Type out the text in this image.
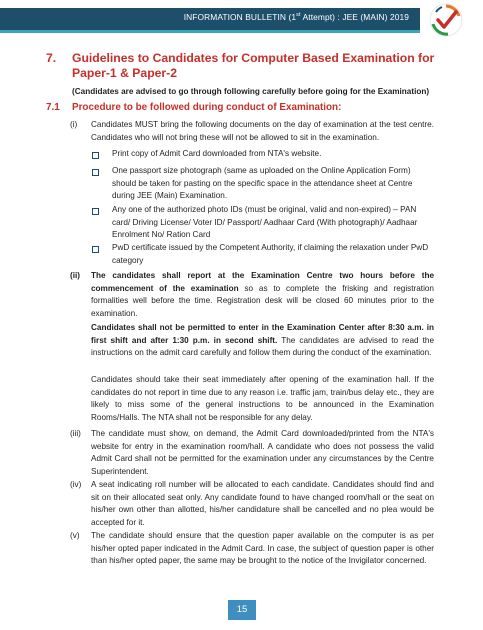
INFORMATION BULLETIN (1st Attempt) : JEE (MAIN) 2019
7. Guidelines to Candidates for Computer Based Examination for Paper-1 & Paper-2
(Candidates are advised to go through following carefully before going for the Examination)
7.1 Procedure to be followed during conduct of Examination:
(i) Candidates MUST bring the following documents on the day of examination at the test centre. Candidates who will not bring these will not be allowed to sit in the examination.
Print copy of Admit Card downloaded from NTA's website.
One passport size photograph (same as uploaded on the Online Application Form) should be taken for pasting on the specific space in the attendance sheet at Centre during JEE (Main) Examination.
Any one of the authorized photo IDs (must be original, valid and non-expired) – PAN card/ Driving License/ Voter ID/ Passport/ Aadhaar Card (With photograph)/ Aadhaar Enrolment No/ Ration Card
PwD certificate issued by the Competent Authority, if claiming the relaxation under PwD category
(ii) The candidates shall report at the Examination Centre two hours before the commencement of the examination so as to complete the frisking and registration formalities well before the time. Registration desk will be closed 60 minutes prior to the examination.
Candidates shall not be permitted to enter in the Examination Center after 8:30 a.m. in first shift and after 1:30 p.m. in second shift. The candidates are advised to read the instructions on the admit card carefully and follow them during the conduct of the examination.
Candidates should take their seat immediately after opening of the examination hall. If the candidates do not report in time due to any reason i.e. traffic jam, train/bus delay etc., they are likely to miss some of the general instructions to be announced in the Examination Rooms/Halls. The NTA shall not be responsible for any delay.
(iii) The candidate must show, on demand, the Admit Card downloaded/printed from the NTA's website for entry in the examination room/hall. A candidate who does not possess the valid Admit Card shall not be permitted for the examination under any circumstances by the Centre Superintendent.
(iv) A seat indicating roll number will be allocated to each candidate. Candidates should find and sit on their allocated seat only. Any candidate found to have changed room/hall or the seat on his/her own other than allotted, his/her candidature shall be cancelled and no plea would be accepted for it.
(v) The candidate should ensure that the question paper available on the computer is as per his/her opted paper indicated in the Admit Card. In case, the subject of question paper is other than his/her opted paper, the same may be brought to the notice of the Invigilator concerned.
15
